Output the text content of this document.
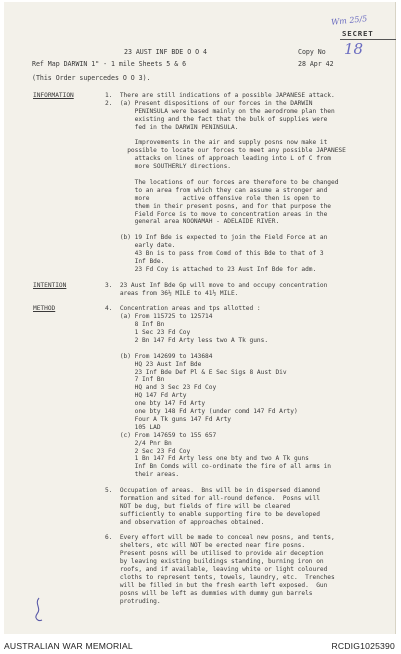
Wm 25/5
SECRET
23 AUST INF BDE O O 4	Copy No 18
Ref Map DARWIN 1" - 1 mile Sheets 5 & 6	28 Apr 42
(This Order supercedes O O 3).
INFORMATION	1.  There are still indications of a possible JAPANESE attack.
2.  (a) Present dispositions of our forces in the DARWIN
PENINSULA were based mainly on the aerodrome plan then
existing and the fact that the bulk of supplies were
fed in the DARWIN PENINSULA.
Improvements in the air and supply posns now make it
possible to locate our forces to meet any possible JAPANESE
attacks on lines of approach leading into L of C from
more SOUTHERLY directions.
The locations of our forces are therefore to be changed
to an area from which they can assume a stronger and
more         active offensive role then is open to
them in their present posns, and for that purpose the
Field Force is to move to concentration areas in the
general area NOONAMAH - ADELAIDE RIVER.
(b) 19 Inf Bde is expected to join the Field Force at an
early date.
43 Bn is to pass from Comd of this Bde to that of 3
Inf Bde.
23 Fd Coy is attached to 23 Aust Inf Bde for adm.
INTENTION	3.  23 Aust Inf Bde Gp will move to and occupy concentration
areas from 36½ MILE to 41½ MILE.
METHOD	4.  Concentration areas and tps allotted :
(a) From 115725 to 125714
8 Inf Bn
1 Sec 23 Fd Coy
2 Bn 147 Fd Arty less two A Tk guns.
(b) From 142699 to 143684
HQ 23 Aust Inf Bde
23 Inf Bde Def Pl & E Sec Sigs 8 Aust Div
7 Inf Bn
HQ and 3 Sec 23 Fd Coy
HQ 147 Fd Arty
one bty 147 Fd Arty
one bty 148 Fd Arty (under comd 147 Fd Arty)
Four A Tk guns 147 Fd Arty
105 LAD
(c) From 147659 to 155 657
2/4 Pnr Bn
2 Sec 23 Fd Coy
1 Bn 147 Fd Arty less one bty and two A Tk guns
Inf Bn Comds will co-ordinate the fire of all arms in
their areas.
5.  Occupation of areas.  Bns will be in dispersed diamond
formation and sited for all-round defence.  Posns will
NOT be dug, but fields of fire will be cleared
sufficiently to enable supporting fire to be developed
and observation of approaches obtained.
6.  Every effort will be made to conceal new posns, and tents,
shelters, etc will NOT be erected near fire posns.
Present posns will be utilised to provide air deception
by leaving existing buildings standing, burning iron on
roofs, and if available, leaving white or light coloured
cloths to represent tents, towels, laundry, etc.  Trenches
will be filled in but the fresh earth left exposed.  Gun
posns will be left as dummies with dummy gun barrels
protruding.
AUSTRALIAN WAR MEMORIAL	RCDIG1025390
